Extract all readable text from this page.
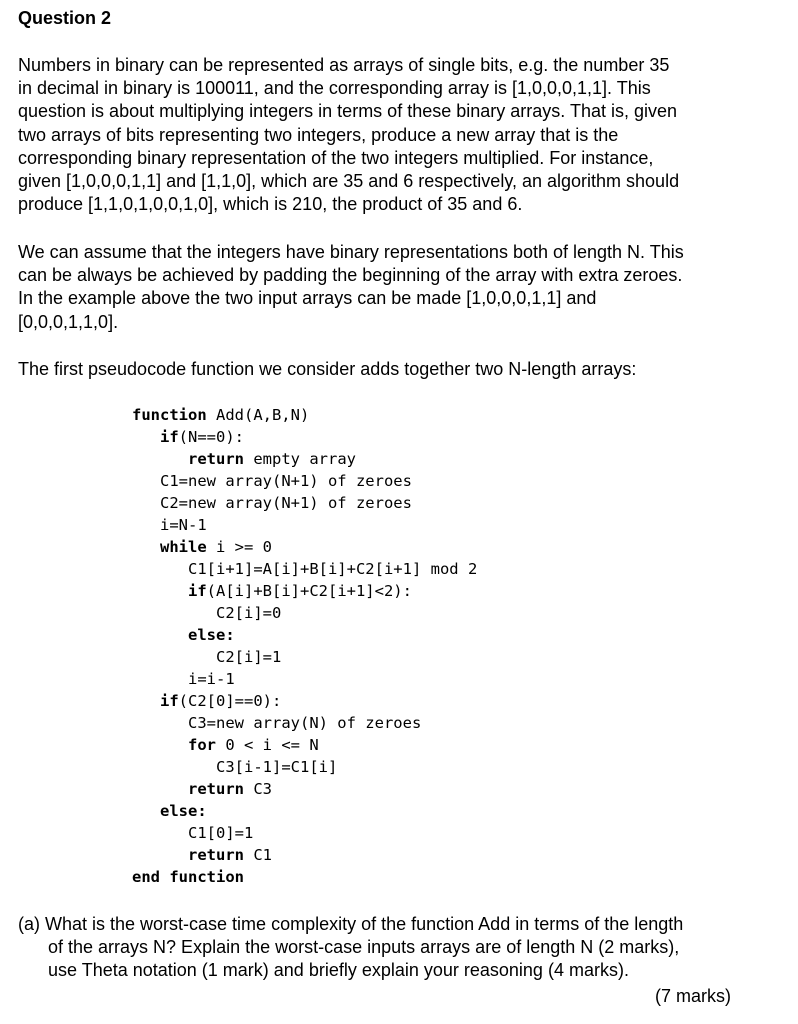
Question 2
Numbers in binary can be represented as arrays of single bits, e.g. the number 35
in decimal in binary is 100011, and the corresponding array is [1,0,0,0,1,1]. This
question is about multiplying integers in terms of these binary arrays. That is, given
two arrays of bits representing two integers, produce a new array that is the
corresponding binary representation of the two integers multiplied. For instance,
given [1,0,0,0,1,1] and [1,1,0], which are 35 and 6 respectively, an algorithm should
produce [1,1,0,1,0,0,1,0], which is 210, the product of 35 and 6.
We can assume that the integers have binary representations both of length N. This
can be always be achieved by padding the beginning of the array with extra zeroes.
In the example above the two input arrays can be made [1,0,0,0,1,1] and
[0,0,0,1,1,0].
The first pseudocode function we consider adds together two N-length arrays:
function Add(A,B,N)
if(N==0):
return empty array
C1=new array(N+1) of zeroes
C2=new array(N+1) of zeroes
i=N-1
while i >= 0
C1[i+1]=A[i]+B[i]+C2[i+1] mod 2
if(A[i]+B[i]+C2[i+1]<2):
C2[i]=0
else:
C2[i]=1
i=i-1
if(C2[0]==0):
C3=new array(N) of zeroes
for 0 < i <= N
C3[i-1]=C1[i]
return C3
else:
C1[0]=1
return C1
end function
(a) What is the worst-case time complexity of the function Add in terms of the length
of the arrays N? Explain the worst-case inputs arrays are of length N (2 marks),
use Theta notation (1 mark) and briefly explain your reasoning (4 marks).
(7 marks)
